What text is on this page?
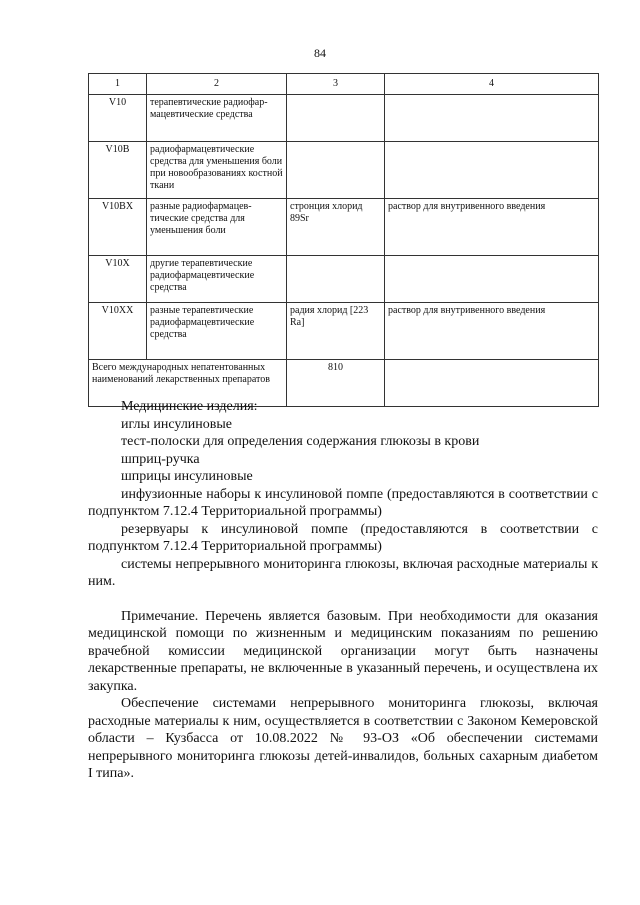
84
1	2	3	4
V10	терапевтические радиофар-мацевтические средства		
V10B	радиофармацевтические средства для уменьшения боли при новообразованиях костной ткани		
V10BX	разные радиофармацев-тические средства для уменьшения боли	стронция хлорид 89Sr	раствор для внутривенного введения
V10X	другие терапевтические радиофармацевтические средства		
V10XX	разные терапевтические радиофармацевтические средства	радия хлорид [223 Ra]	раствор для внутривенного введения
Всего международных непатентованных наименований лекарственных препаратов		810	
Медицинские изделия:
иглы инсулиновые
тест-полоски для определения содержания глюкозы в крови
шприц-ручка
шприцы инсулиновые

инфузионные наборы к инсулиновой помпе (предоставляются в соответствии с подпунктом 7.12.4 Территориальной программы)

резервуары к инсулиновой помпе (предоставляются в соответствии с подпунктом 7.12.4 Территориальной программы)

системы непрерывного мониторинга глюкозы, включая расходные материалы к ним.

Примечание. Перечень является базовым. При необходимости для оказания медицинской помощи по жизненным и медицинским показаниям по решению врачебной комиссии медицинской организации могут быть назначены лекарственные препараты, не включенные в указанный перечень, и осуществлена их закупка.

Обеспечение системами непрерывного мониторинга глюкозы, включая расходные материалы к ним, осуществляется в соответствии с Законом Кемеровской области – Кузбасса от 10.08.2022 № 93-ОЗ «Об обеспечении системами непрерывного мониторинга глюкозы детей-инвалидов, больных сахарным диабетом I типа».
